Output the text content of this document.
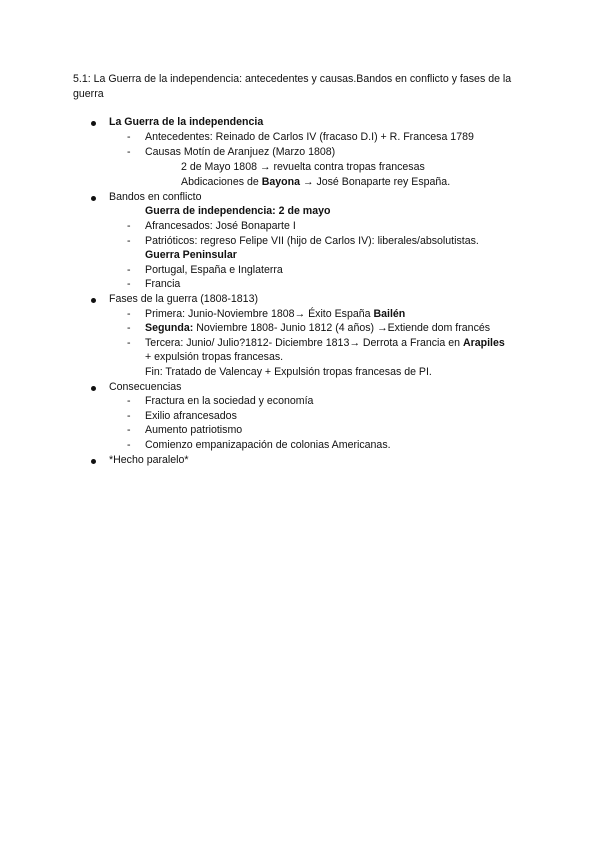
5.1: La Guerra de la independencia: antecedentes y causas.Bandos en conflicto y fases de la guerra
La Guerra de la independencia
- Antecedentes: Reinado de Carlos IV (fracaso D.I) + R. Francesa 1789
- Causas Motín de Aranjuez (Marzo 1808)
2 de Mayo 1808 → revuelta contra tropas francesas
Abdicaciones de Bayona → José Bonaparte rey España.
Bandos en conflicto
Guerra de independencia: 2 de mayo
- Afrancesados: José Bonaparte I
- Patrióticos: regreso Felipe VII (hijo de Carlos IV): liberales/absolutistas.
Guerra Peninsular
- Portugal, España e Inglaterra
- Francia
Fases de la guerra (1808-1813)
- Primera: Junio-Noviembre 1808→ Éxito España Bailén
- Segunda: Noviembre 1808- Junio 1812 (4 años) →Extiende dom francés
- Tercera: Junio/ Julio?1812- Diciembre 1813→ Derrota a Francia en Arapiles
+ expulsión tropas francesas.
Fin: Tratado de Valencay + Expulsión tropas francesas de PI.
Consecuencias
- Fractura en la sociedad y economía
- Exilio afrancesados
- Aumento patriotismo
- Comienzo empanizapación de colonias Americanas.
*Hecho paralelo*
